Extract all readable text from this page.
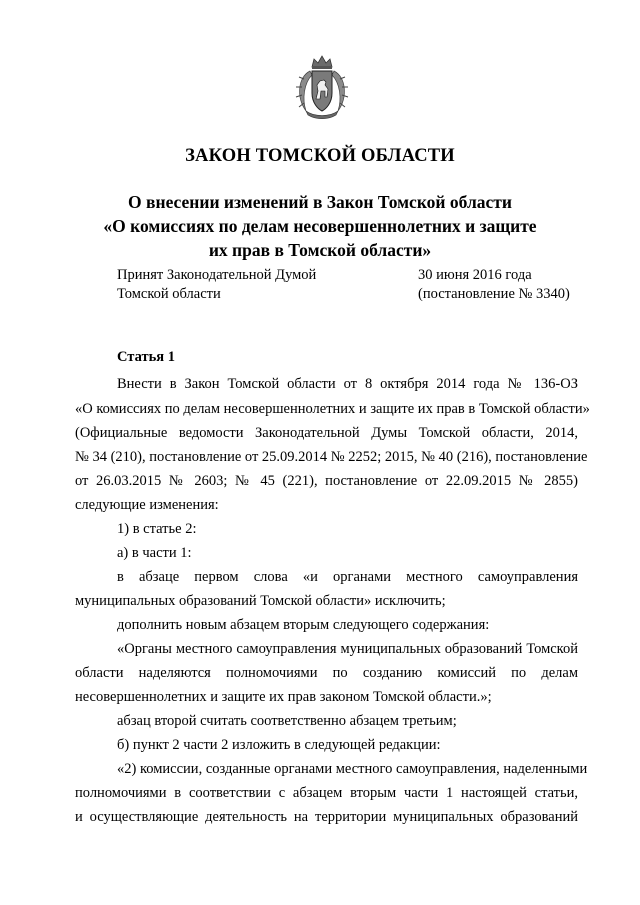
ЗАКОН ТОМСКОЙ ОБЛАСТИ
О внесении изменений в Закон Томской области
«О комиссиях по делам несовершеннолетних и защите
их прав в Томской области»
Принят Законодательной Думой
Томской области
30 июня 2016 года
(постановление № 3340)
Статья 1
Внести в Закон Томской области от 8 октября 2014 года № 136-ОЗ
«О комиссиях по делам несовершеннолетних и защите их прав в Томской области»
(Официальные ведомости Законодательной Думы Томской области, 2014,
№ 34 (210), постановление от 25.09.2014 № 2252; 2015, № 40 (216), постановление
от 26.03.2015 № 2603; № 45 (221), постановление от 22.09.2015 № 2855)
следующие изменения:
1) в статье 2:
а) в части 1:
в абзаце первом слова «и органами местного самоуправления
муниципальных образований Томской области» исключить;
дополнить новым абзацем вторым следующего содержания:
«Органы местного самоуправления муниципальных образований Томской
области наделяются полномочиями по созданию комиссий по делам
несовершеннолетних и защите их прав законом Томской области.»;
абзац второй считать соответственно абзацем третьим;
б) пункт 2 части 2 изложить в следующей редакции:
«2) комиссии, созданные органами местного самоуправления, наделенными
полномочиями в соответствии с абзацем вторым части 1 настоящей статьи,
и осуществляющие деятельность на территории муниципальных образований
